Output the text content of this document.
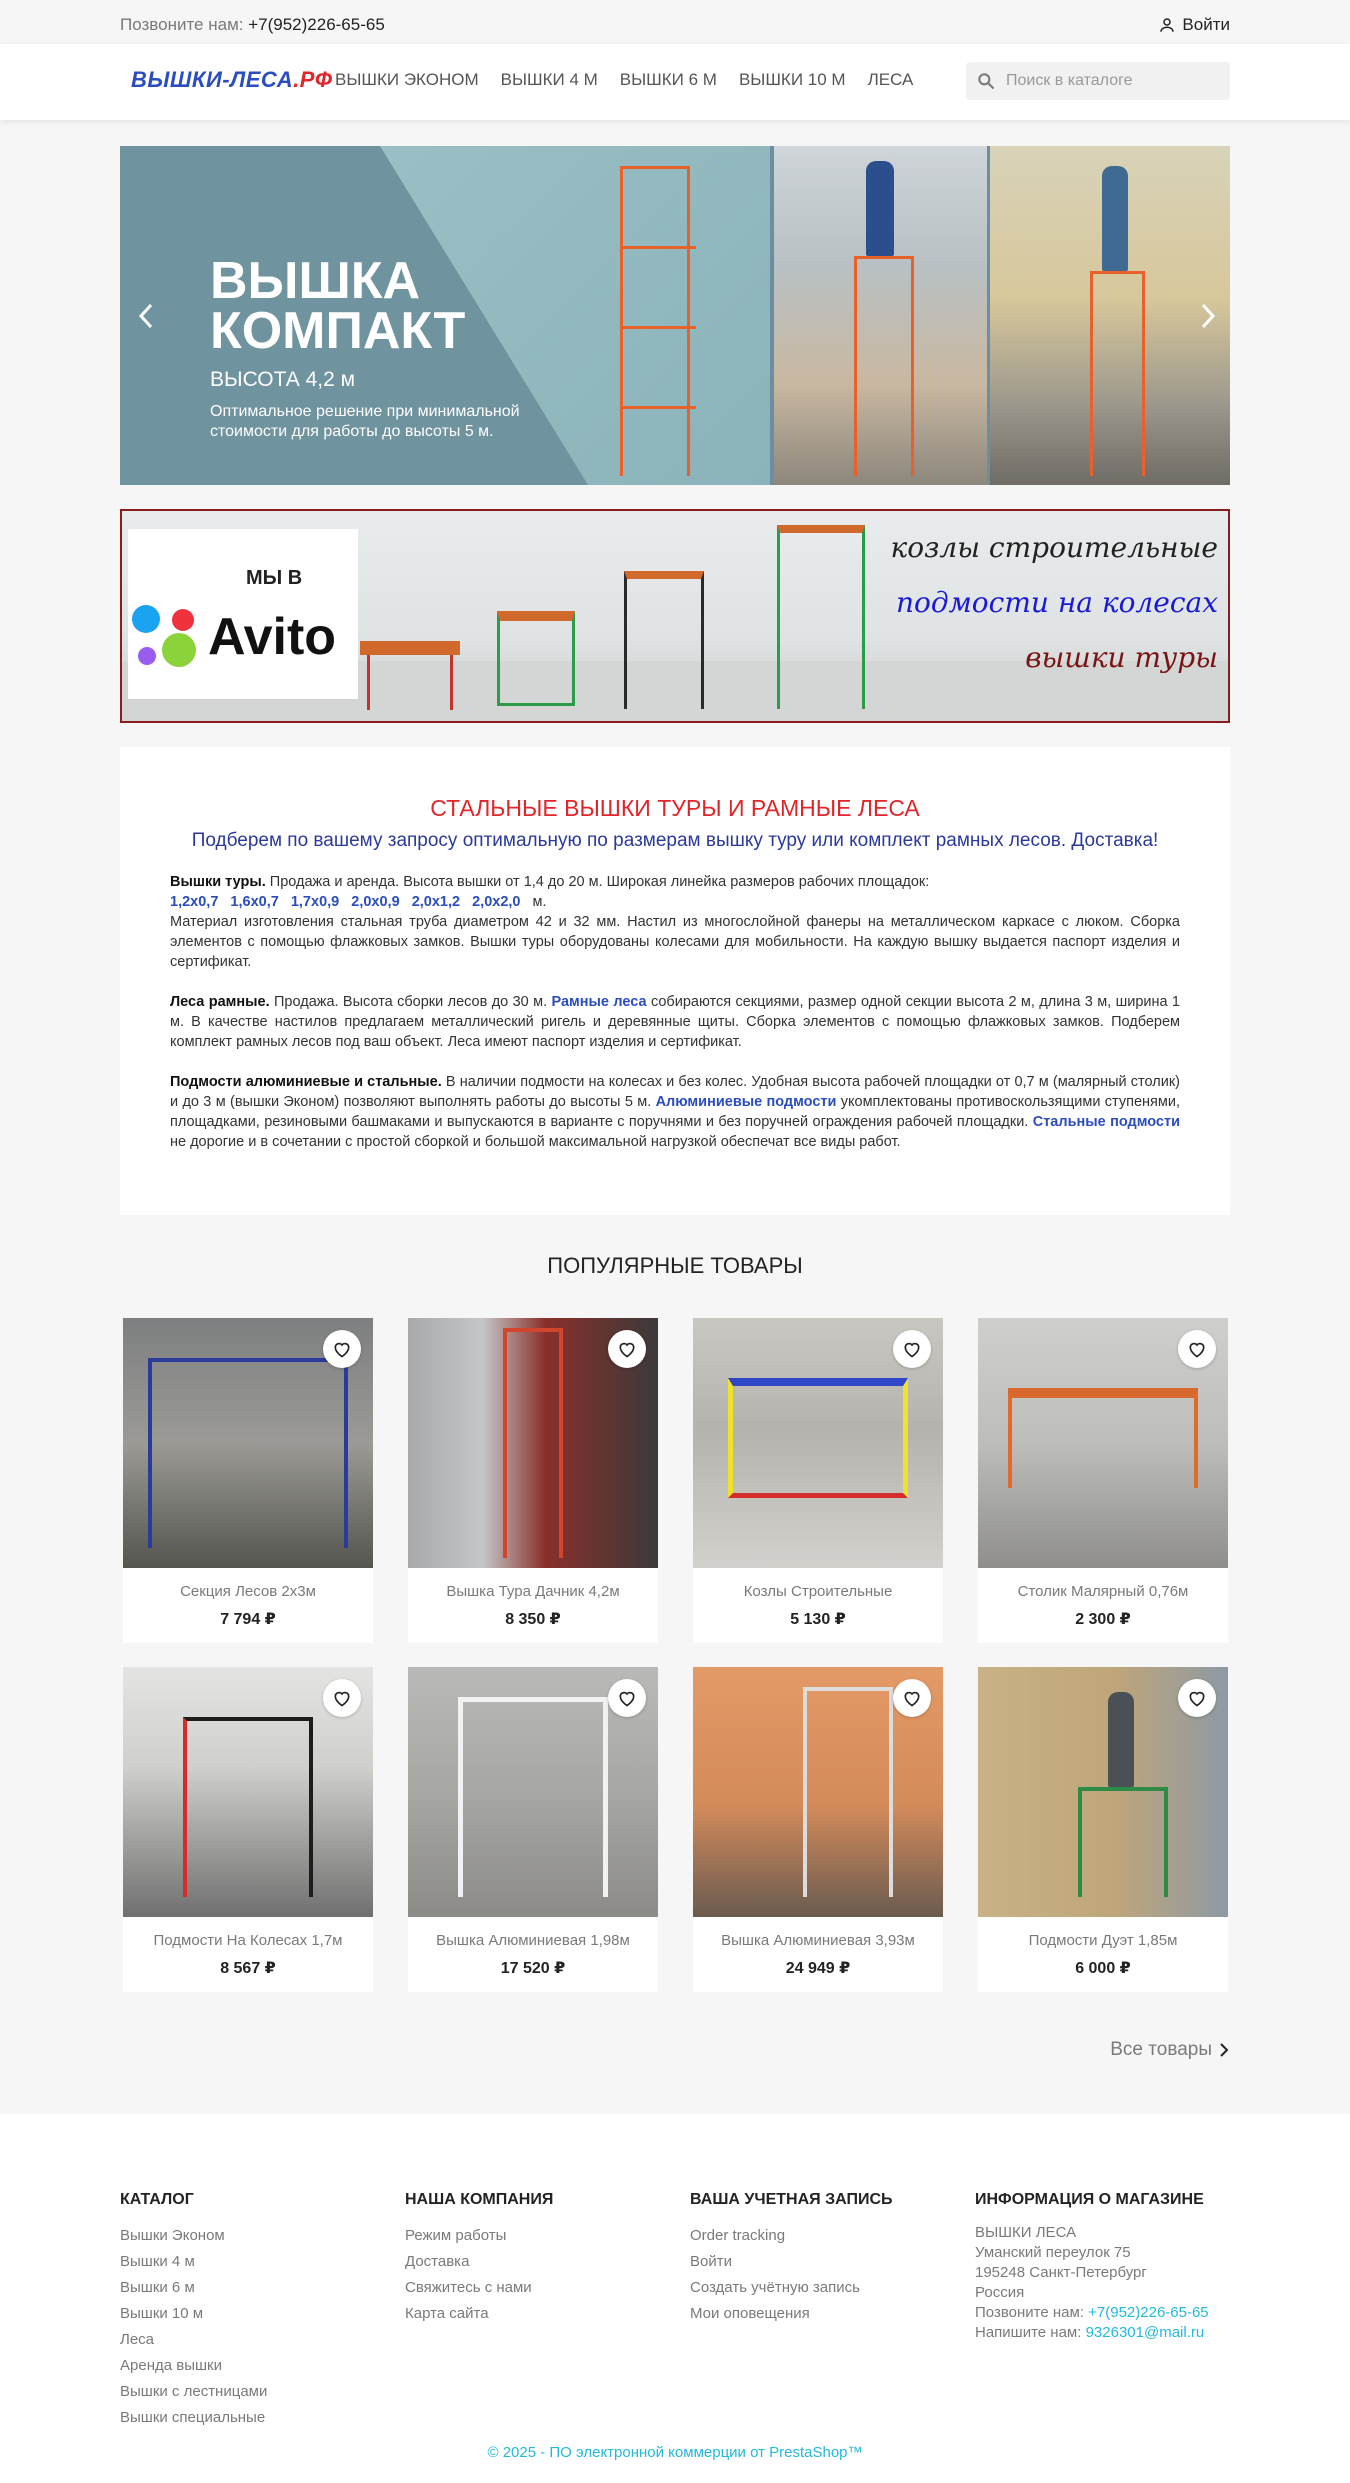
Позвоните нам: +7(952)226-65-65	Войти
ВЫШКИ-ЛЕСА.РФ ВЫШКИ ЭКОНОМ ВЫШКИ 4 М ВЫШКИ 6 М ВЫШКИ 10 М ЛЕСА
Поиск в каталоге
ВЫШКА КОМПАКТ
ВЫСОТА 4,2 м
Оптимальное решение при минимальной стоимости для работы до высоты 5 м.
МЫ В
Avito
козлы строительные
подмости на колесах
вышки туры
СТАЛЬНЫЕ ВЫШКИ ТУРЫ И РАМНЫЕ ЛЕСА
Подберем по вашему запросу оптимальную по размерам вышку туру или комплект рамных лесов. Доставка!

Вышки туры. Продажа и аренда. Высота вышки от 1,4 до 20 м. Широкая линейка размеров рабочих площадок:
1,2х0,7 1,6х0,7 1,7х0,9 2,0х0,9 2,0х1,2 2,0х2,0 м.
Материал изготовления стальная труба диаметром 42 и 32 мм. Настил из многослойной фанеры на металлическом каркасе с люком. Сборка элементов с помощью флажковых замков. Вышки туры оборудованы колесами для мобильности. На каждую вышку выдается паспорт изделия и сертификат.

Леса рамные. Продажа. Высота сборки лесов до 30 м. Рамные леса собираются секциями, размер одной секции высота 2 м, длина 3 м, ширина 1 м. В качестве настилов предлагаем металлический ригель и деревянные щиты. Сборка элементов с помощью флажковых замков. Подберем комплект рамных лесов под ваш объект. Леса имеют паспорт изделия и сертификат.

Подмости алюминиевые и стальные. В наличии подмости на колесах и без колес. Удобная высота рабочей площадки от 0,7 м (малярный столик) и до 3 м (вышки Эконом) позволяют выполнять работы до высоты 5 м. Алюминиевые подмости укомплектованы противоскользящими ступенями, площадками, резиновыми башмаками и выпускаются в варианте с поручнями и без поручней ограждения рабочей площадки. Стальные подмости не дорогие и в сочетании с простой сборкой и большой максимальной нагрузкой обеспечат все виды работ.

ПОПУЛЯРНЫЕ ТОВАРЫ
Секция Лесов 2х3м
7 794 ₽
Вышка Тура Дачник 4,2м
8 350 ₽
Козлы Строительные
5 130 ₽
Столик Малярный 0,76м
2 300 ₽
Подмости На Колесах 1,7м
8 567 ₽
Вышка Алюминиевая 1,98м
17 520 ₽
Вышка Алюминиевая 3,93м
24 949 ₽
Подмости Дуэт 1,85м
6 000 ₽
Все товары
КАТАЛОГ
Вышки Эконом
Вышки 4 м
Вышки 6 м
Вышки 10 м
Леса
Аренда вышки
Вышки с лестницами
Вышки специальные
НАША КОМПАНИЯ
Режим работы
Доставка
Свяжитесь с нами
Карта сайта
ВАША УЧЕТНАЯ ЗАПИСЬ
Order tracking
Войти
Создать учётную запись
Мои оповещения
ИНФОРМАЦИЯ О МАГАЗИНЕ
ВЫШКИ ЛЕСА
Уманский переулок 75
195248 Санкт-Петербург
Россия
Позвоните нам: +7(952)226-65-65
Напишите нам: 9326301@mail.ru
© 2025 - ПО электронной коммерции от PrestaShop™
